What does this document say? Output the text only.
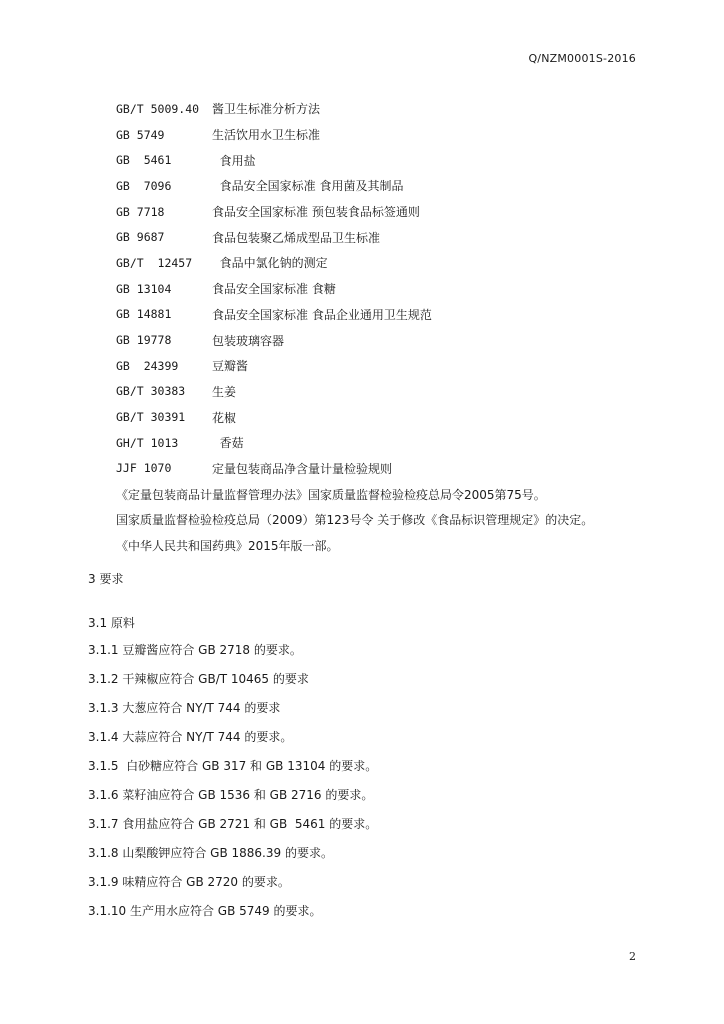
Q/NZM0001S-2016
GB/T 5009.40	酱卫生标准分析方法
GB 5749	生活饮用水卫生标准
GB  5461	食用盐
GB  7096	食品安全国家标准 食用菌及其制品
GB 7718	食品安全国家标准 预包装食品标签通则
GB 9687	食品包装聚乙烯成型品卫生标准
GB/T  12457	食品中氯化钠的测定
GB 13104	食品安全国家标准 食糖
GB 14881	食品安全国家标准 食品企业通用卫生规范
GB 19778	包装玻璃容器
GB  24399	豆瓣酱
GB/T 30383	生姜
GB/T 30391	花椒
GH/T 1013	香菇
JJF 1070	定量包装商品净含量计量检验规则
《定量包装商品计量监督管理办法》国家质量监督检验检疫总局令2005第75号。
国家质量监督检验检疫总局（2009）第123号令 关于修改《食品标识管理规定》的决定。
《中华人民共和国药典》2015年版一部。
3 要求
3.1 原料
3.1.1 豆瓣酱应符合 GB 2718 的要求。
3.1.2 干辣椒应符合 GB/T 10465 的要求
3.1.3 大葱应符合 NY/T 744 的要求
3.1.4 大蒜应符合 NY/T 744 的要求。
3.1.5  白砂糖应符合 GB 317 和 GB 13104 的要求。
3.1.6 菜籽油应符合 GB 1536 和 GB 2716 的要求。
3.1.7 食用盐应符合 GB 2721 和 GB  5461 的要求。
3.1.8 山梨酸钾应符合 GB 1886.39 的要求。
3.1.9 味精应符合 GB 2720 的要求。
3.1.10 生产用水应符合 GB 5749 的要求。
2
